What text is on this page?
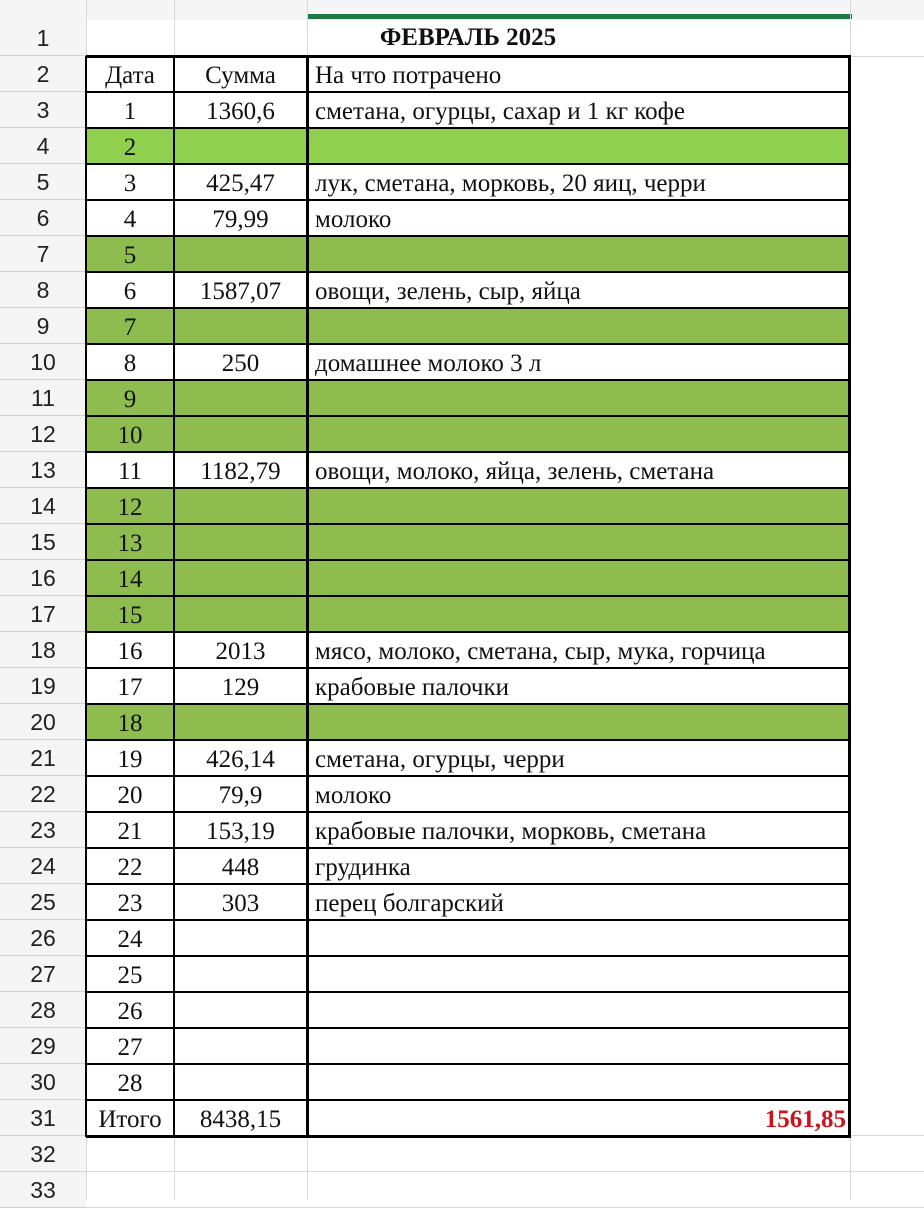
1
2
3
4
5
6
7
8
9
10
11
12
13
14
15
16
17
18
19
20
21
22
23
24
25
26
27
28
29
30
31
32
33
ФЕВРАЛЬ 2025
Дата	Сумма	На что потрачено
1	1360,6	сметана, огурцы, сахар и 1 кг кофе
2
3	425,47	лук, сметана, морковь, 20 яиц, черри
4	79,99	молоко
5
6	1587,07	овощи, зелень, сыр, яйца
7
8	250	домашнее молоко 3 л
9
10
11	1182,79	овощи, молоко, яйца, зелень, сметана
12
13
14
15
16	2013	мясо, молоко, сметана, сыр, мука, горчица
17	129	крабовые палочки
18
19	426,14	сметана, огурцы, черри
20	79,9	молоко
21	153,19	крабовые палочки, морковь, сметана
22	448	грудинка
23	303	перец болгарский
24
25
26
27
28
Итого	8438,15	1561,85
